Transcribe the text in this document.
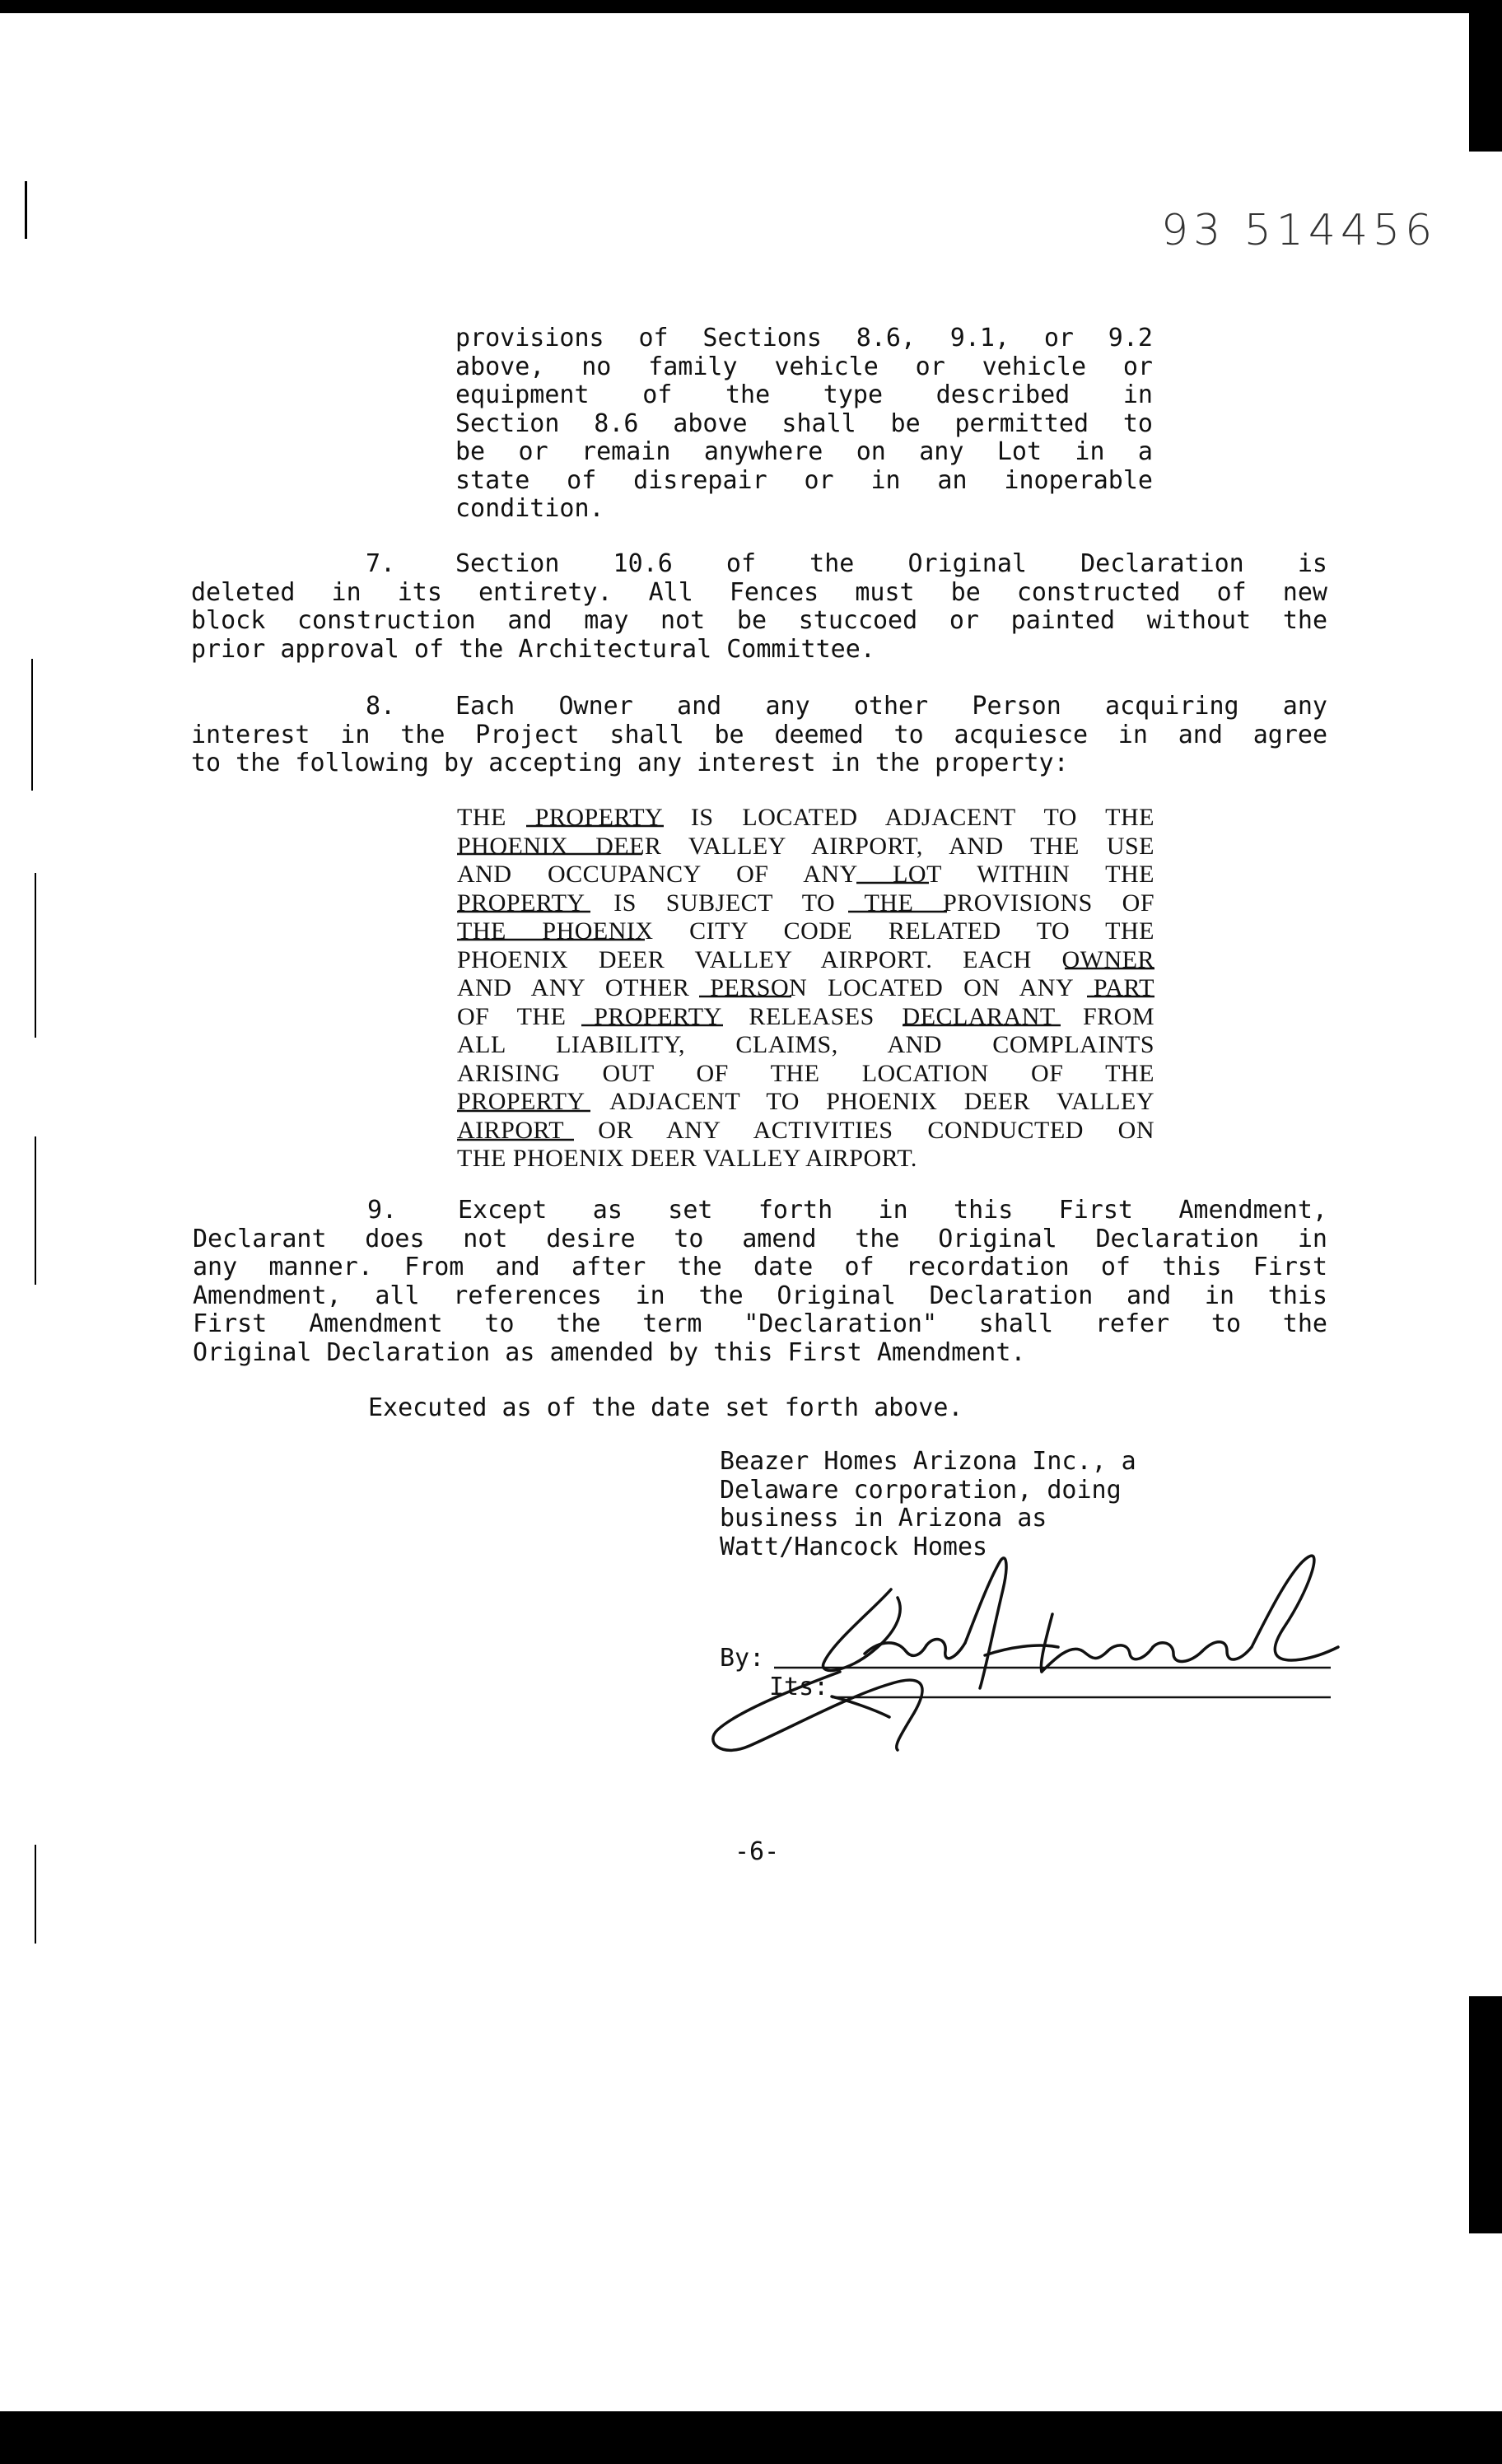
93 514456
provisions of Sections 8.6, 9.1, or 9.2
above, no family vehicle or vehicle or
equipment of the type described in
Section 8.6 above shall be permitted to
be or remain anywhere on any Lot in a
state of disrepair or in an inoperable
condition.
7.	Section 10.6 of the Original Declaration is
deleted in its entirety. All Fences must be constructed of new
block construction and may not be stuccoed or painted without the
prior approval of the Architectural Committee.
8.	Each Owner and any other Person acquiring any
interest in the Project shall be deemed to acquiesce in and agree
to the following by accepting any interest in the property:
THE PROPERTY IS LOCATED ADJACENT TO THE
PHOENIX DEER VALLEY AIRPORT, AND THE USE
AND OCCUPANCY OF ANY LOT WITHIN THE
PROPERTY IS SUBJECT TO THE PROVISIONS OF
THE PHOENIX CITY CODE RELATED TO THE
PHOENIX DEER VALLEY AIRPORT. EACH OWNER
AND ANY OTHER PERSON LOCATED ON ANY PART
OF THE PROPERTY RELEASES DECLARANT FROM
ALL LIABILITY, CLAIMS, AND COMPLAINTS
ARISING OUT OF THE LOCATION OF THE
PROPERTY ADJACENT TO PHOENIX DEER VALLEY
AIRPORT OR ANY ACTIVITIES CONDUCTED ON
THE PHOENIX DEER VALLEY AIRPORT.
9.	Except as set forth in this First Amendment,
Declarant does not desire to amend the Original Declaration in
any manner. From and after the date of recordation of this First
Amendment, all references in the Original Declaration and in this
First Amendment to the term "Declaration" shall refer to the
Original Declaration as amended by this First Amendment.
Executed as of the date set forth above.
Beazer Homes Arizona Inc., a
Delaware corporation, doing
business in Arizona as
Watt/Hancock Homes
By:
Its:
-6-
